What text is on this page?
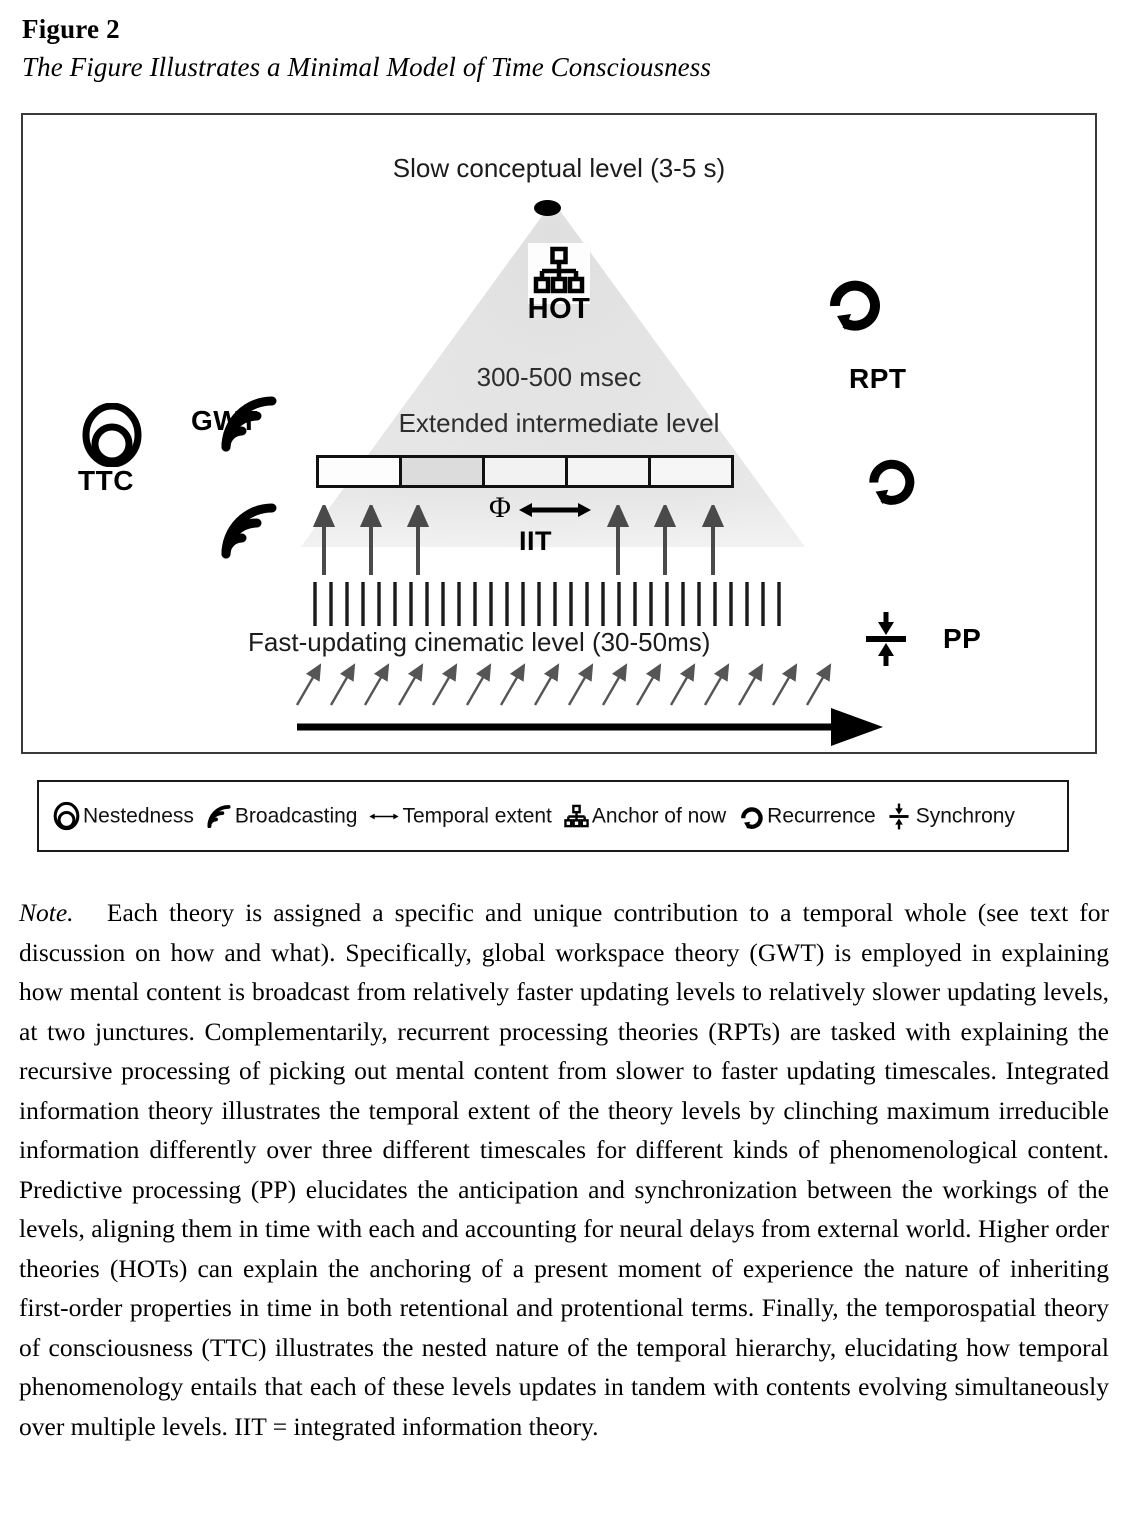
Figure 2
The Figure Illustrates a Minimal Model of Time Consciousness
Slow conceptual level (3-5 s)
300-500 msec
Extended intermediate level
Fast-updating cinematic level (30-50ms)
HOT
TTC
GWT
RPT
PP
Φ
IIT
Nestedness Broadcasting Temporal extent Anchor of now Recurrence Synchrony
Note. Each theory is assigned a specific and unique contribution to a temporal whole (see text for discussion on how and what). Specifically, global workspace theory (GWT) is employed in explaining how mental content is broadcast from relatively faster updating levels to relatively slower updating levels, at two junctures. Complementarily, recurrent processing theories (RPTs) are tasked with explaining the recursive processing of picking out mental content from slower to faster updating timescales. Integrated information theory illustrates the temporal extent of the theory levels by clinching maximum irreducible information differently over three different timescales for different kinds of phenomenological content. Predictive processing (PP) elucidates the anticipation and synchronization between the workings of the levels, aligning them in time with each and accounting for neural delays from external world. Higher order theories (HOTs) can explain the anchoring of a present moment of experience the nature of inheriting first-order properties in time in both retentional and protentional terms. Finally, the temporospatial theory of consciousness (TTC) illustrates the nested nature of the temporal hierarchy, elucidating how temporal phenomenology entails that each of these levels updates in tandem with contents evolving simultaneously over multiple levels. IIT = integrated information theory.
